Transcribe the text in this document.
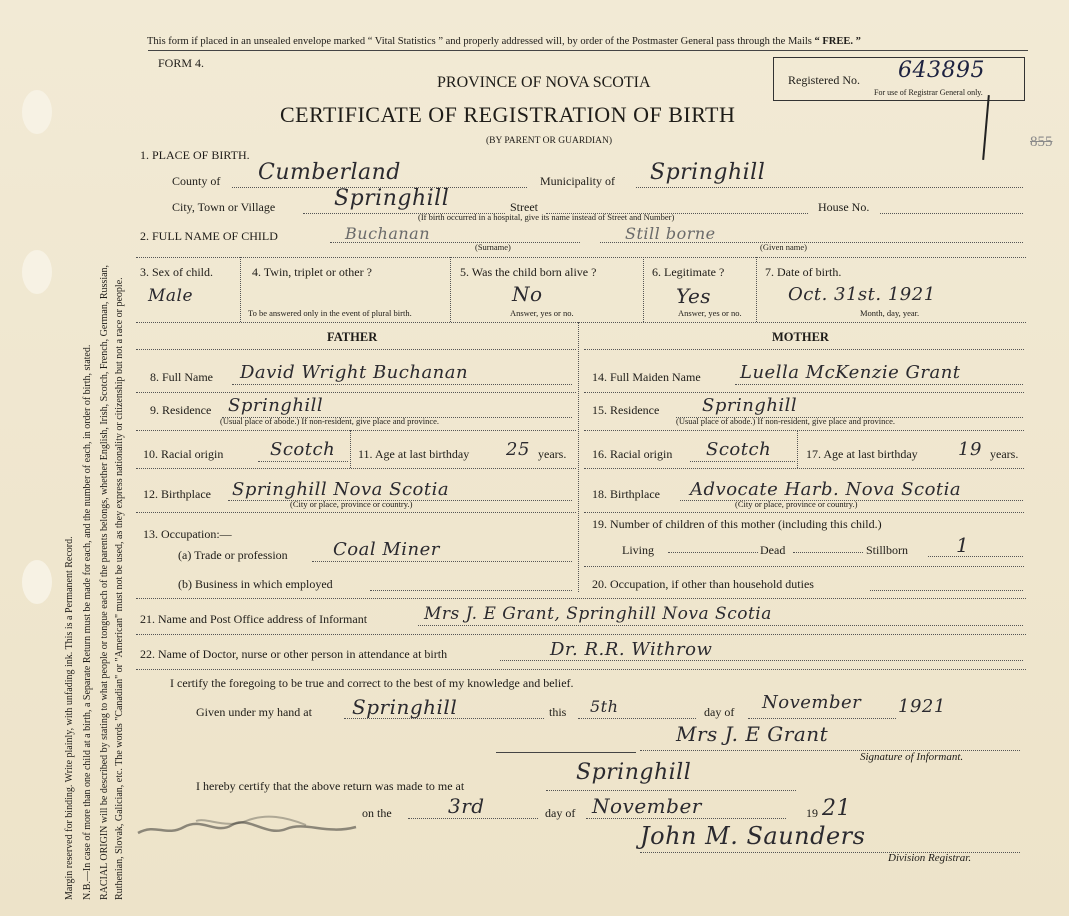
Margin reserved for binding. Write plainly, with unfading ink. This is a Permanent Record. N.B.—In case of more than one child at a birth, a Separate Return must be made for each, and the number of each, in order of birth, stated. RACIAL ORIGIN will be described by stating to what people or tongue each of the parents belongs, whether English, Irish, Scotch, French, German, Russian, Ruthenian, Slovak, Galician, etc. The words "Canadian" or "American" must not be used, as they express nationality or citizenship but not a race or people.
This form if placed in an unsealed envelope marked “ Vital Statistics ” and properly addressed will, by order of the Postmaster General pass through the Mails “ FREE. ”
FORM 4.
PROVINCE OF NOVA SCOTIA
CERTIFICATE OF REGISTRATION OF BIRTH
(BY PARENT OR GUARDIAN)
Registered No. 643895
For use of Registrar General only.
855
1. PLACE OF BIRTH.
County of Cumberland	Municipality of Springhill
City, Town or Village	Springhill	Street	House No.
(If birth occurred in a hospital, give its name instead of Street and Number)
2. FULL NAME OF CHILD	Buchanan
(Surname)
Still borne
(Given name)
3. Sex of child.
Male
4. Twin, triplet or other ?
To be answered only in the event of plural birth.
5. Was the child born alive ?
No
Answer, yes or no.
6. Legitimate ?
Yes
Answer, yes or no.
7. Date of birth.
Oct. 31st. 1921
Month, day, year.
FATHER	MOTHER
8. Full Name David Wright Buchanan
9. Residence Springhill
(Usual place of abode.) If non-resident, give place and province.
10. Racial origin	Scotch 11. Age at last birthday 25 years.
12. Birthplace Springhill Nova Scotia
(City or place, province or country.)
13. Occupation:—
(a) Trade or profession	Coal Miner
(b) Business in which employed
14. Full Maiden Name Luella McKenzie Grant
15. Residence Springhill
(Usual place of abode.) If non-resident, give place and province.
16. Racial origin Scotch	17. Age at last birthday 19 years.
18. Birthplace Advocate Harb. Nova Scotia
(City or place, province or country.)
19. Number of children of this mother (including this child.)
Living	Dead	Stillborn 1
20. Occupation, if other than household duties
21. Name and Post Office address of Informant	Mrs J. E Grant, Springhill Nova Scotia
22. Name of Doctor, nurse or other person in attendance at birth	Dr. R.R. Withrow
I certify the foregoing to be true and correct to the best of my knowledge and belief.
Given under my hand at Springhill	this 5th	day of November 1921
Mrs J. E Grant
Signature of Informant.
I hereby certify that the above return was made to me at
Springhill
on the	3rd	day of November	19 21
John M. Saunders
Division Registrar.
